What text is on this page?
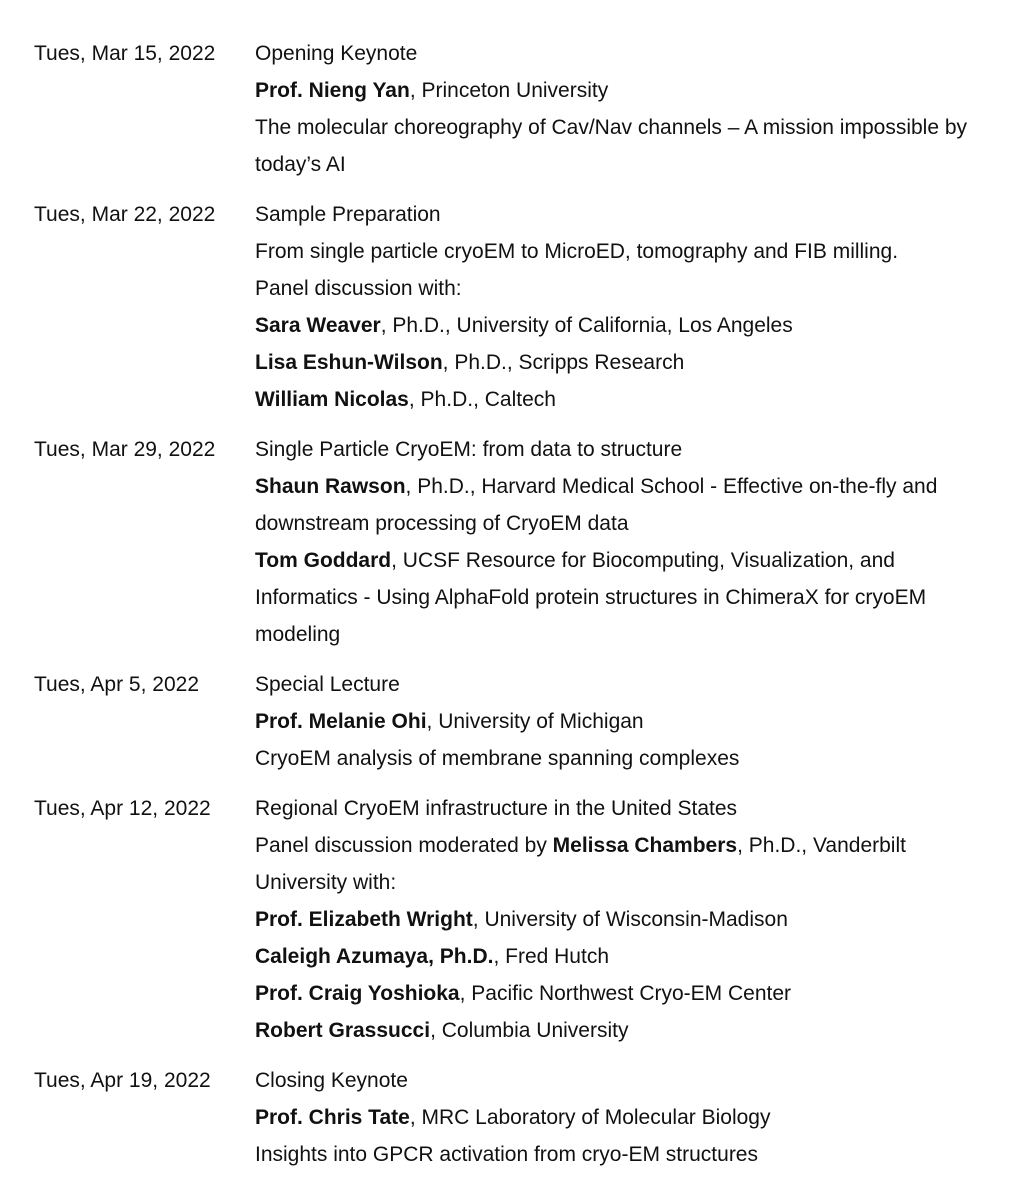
Tues, Mar 15, 2022	Opening Keynote

Prof. Nieng Yan, Princeton University

The molecular choreography of Cav/Nav channels – A mission impossible by today’s AI

Tues, Mar 22, 2022	Sample Preparation

From single particle cryoEM to MicroED, tomography and FIB milling.

Panel discussion with:

Sara Weaver, Ph.D., University of California, Los Angeles

Lisa Eshun-Wilson, Ph.D., Scripps Research

William Nicolas, Ph.D., Caltech

Tues, Mar 29, 2022	Single Particle CryoEM: from data to structure

Shaun Rawson, Ph.D., Harvard Medical School - Effective on-the-fly and downstream processing of CryoEM data

Tom Goddard, UCSF Resource for Biocomputing, Visualization, and Informatics - Using AlphaFold protein structures in ChimeraX for cryoEM modeling

Tues, Apr 5, 2022	Special Lecture

Prof. Melanie Ohi, University of Michigan

CryoEM analysis of membrane spanning complexes

Tues, Apr 12, 2022	Regional CryoEM infrastructure in the United States

Panel discussion moderated by Melissa Chambers, Ph.D., Vanderbilt University with:

Prof. Elizabeth Wright, University of Wisconsin-Madison

Caleigh Azumaya, Ph.D., Fred Hutch

Prof. Craig Yoshioka, Pacific Northwest Cryo-EM Center

Robert Grassucci, Columbia University

Tues, Apr 19, 2022	Closing Keynote

Prof. Chris Tate, MRC Laboratory of Molecular Biology

Insights into GPCR activation from cryo-EM structures
